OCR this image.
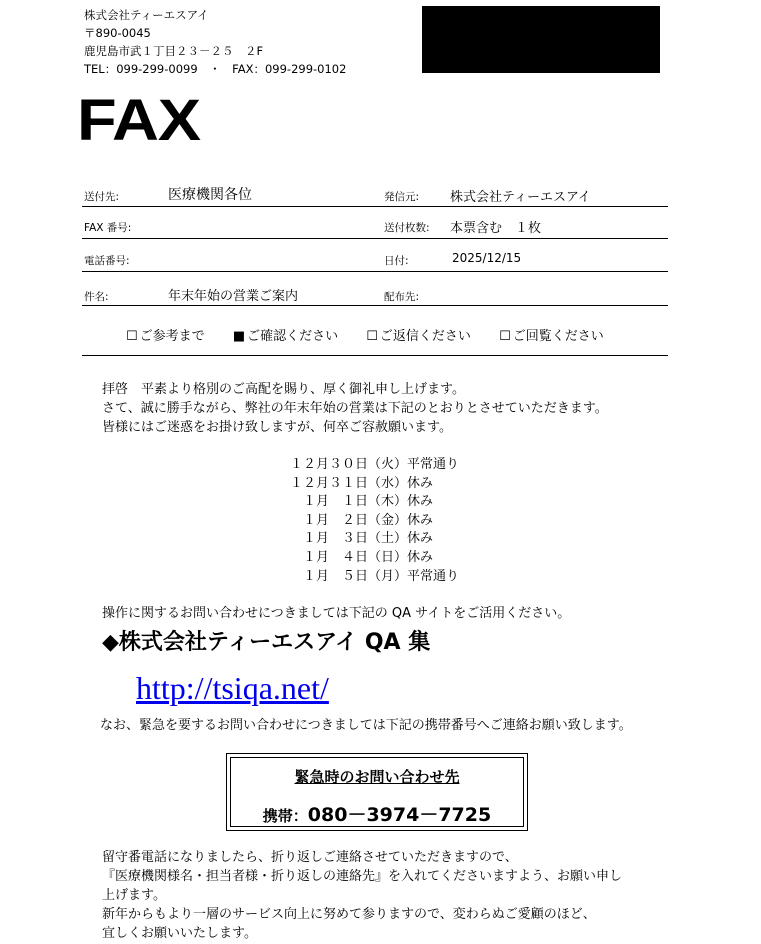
株式会社ティーエスアイ
〒890-0045
鹿児島市武１丁目２３－２５　２F
TEL：099-299-0099　・　FAX：099-299-0102
FAX
送付先:	医療機関各位	発信元: 株式会社ティーエスアイ
FAX 番号:	送付枚数: 本票含む　１枚
電話番号:	日付:	2025/12/15
件名:	年末年始の営業ご案内	配布先:
☐ ご参考まで ■ ご確認ください ☐ ご返信ください ☐ ご回覧ください
拝啓　平素より格別のご高配を賜り、厚く御礼申し上げます。
さて、誠に勝手ながら、弊社の年末年始の営業は下記のとおりとさせていただきます。
皆様にはご迷惑をお掛け致しますが、何卒ご容赦願います。
１２月３０日（火）平常通り
１２月３１日（水）休み
１月　１日（木）休み
１月　２日（金）休み
１月　３日（土）休み
１月　４日（日）休み
１月　５日（月）平常通り
操作に関するお問い合わせにつきましては下記の QA サイトをご活用ください。
◆株式会社ティーエスアイ QA 集
http://tsiqa.net/
なお、緊急を要するお問い合わせにつきましては下記の携帯番号へご連絡お願い致します。
緊急時のお問い合わせ先
携帯：080－3974－7725
留守番電話になりましたら、折り返しご連絡させていただきますので、
『医療機関様名・担当者様・折り返しの連絡先』を入れてくださいますよう、お願い申し
上げます。
新年からもより一層のサービス向上に努めて参りますので、変わらぬご愛顧のほど、
宜しくお願いいたします。
